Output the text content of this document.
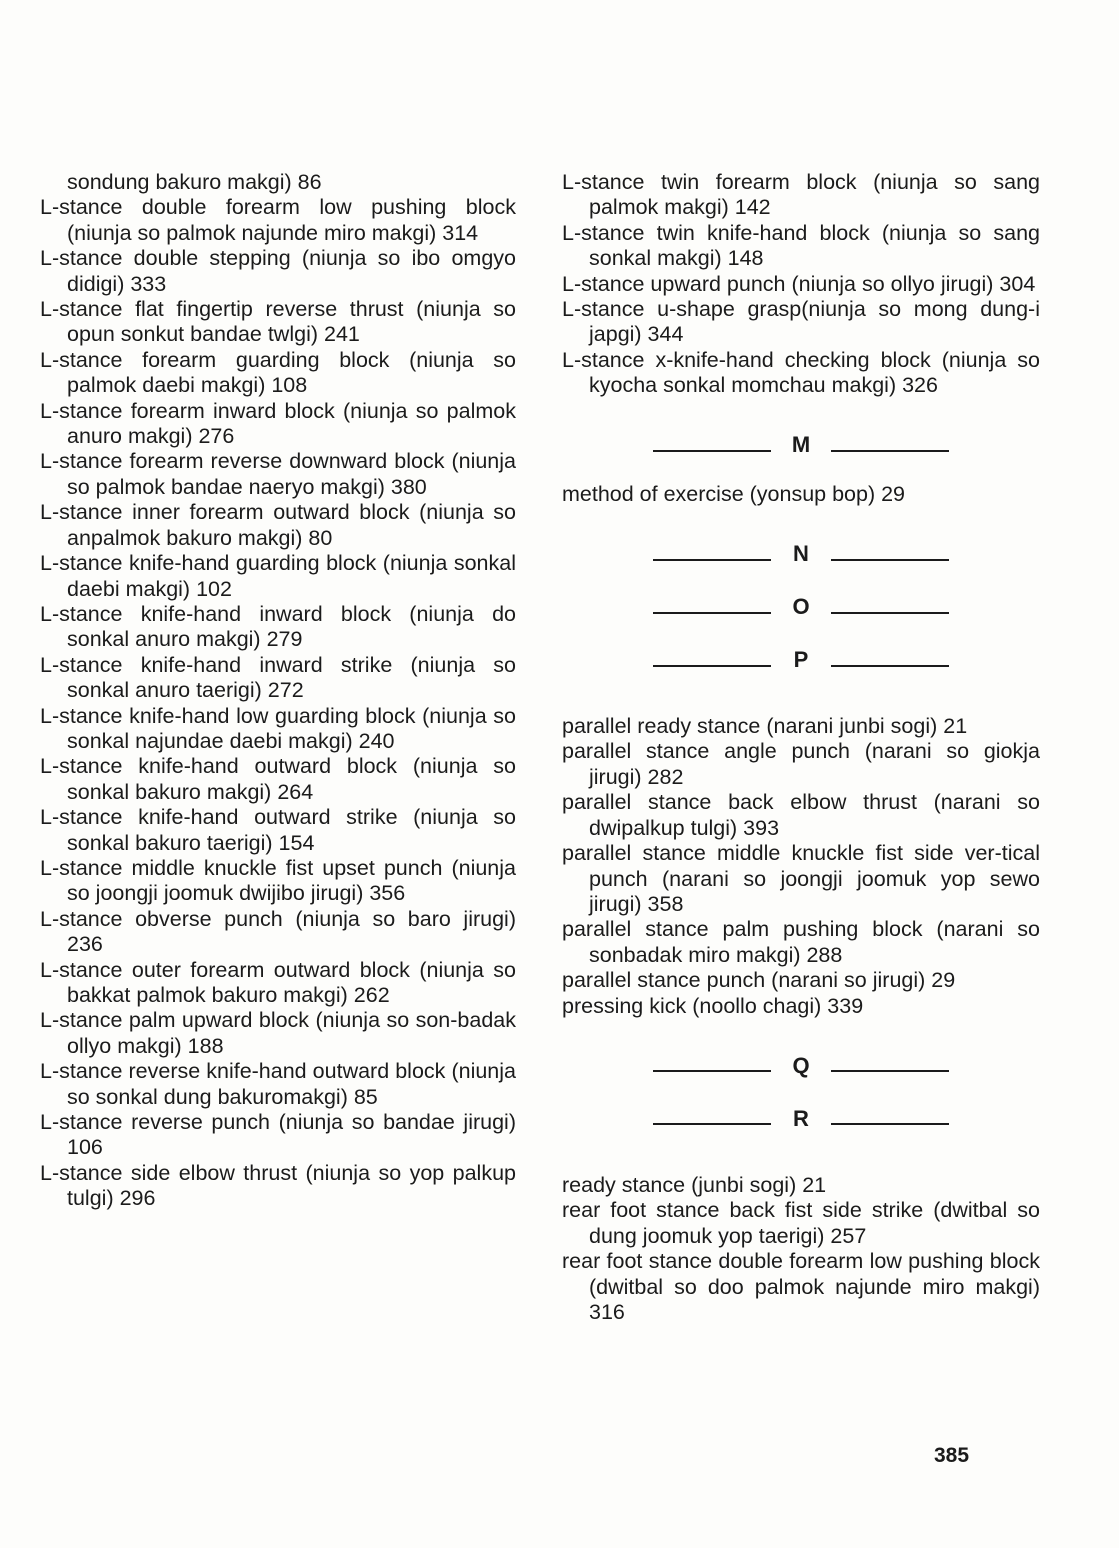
sondung bakuro makgi) 86

L-stance double forearm low pushing block (niunja so palmok najunde miro makgi) 314

L-stance double stepping (niunja so ibo omgyo didigi) 333

L-stance flat fingertip reverse thrust (niunja so opun sonkut bandae twlgi) 241

L-stance forearm guarding block (niunja so palmok daebi makgi) 108

L-stance forearm inward block (niunja so palmok anuro makgi) 276

L-stance forearm reverse downward block (niunja so palmok bandae naeryo makgi) 380

L-stance inner forearm outward block (niunja so anpalmok bakuro makgi) 80

L-stance knife-hand guarding block (niunja sonkal daebi makgi) 102

L-stance knife-hand inward block (niunja do sonkal anuro makgi) 279

L-stance knife-hand inward strike (niunja so sonkal anuro taerigi) 272

L-stance knife-hand low guarding block (niunja so sonkal najundae daebi makgi) 240

L-stance knife-hand outward block (niunja so sonkal bakuro makgi) 264

L-stance knife-hand outward strike (niunja so sonkal bakuro taerigi) 154

L-stance middle knuckle fist upset punch (niunja so joongji joomuk dwijibo jirugi) 356

L-stance obverse punch (niunja so baro jirugi) 236

L-stance outer forearm outward block (niunja so bakkat palmok bakuro makgi) 262

L-stance palm upward block (niunja so son-badak ollyo makgi) 188

L-stance reverse knife-hand outward block (niunja so sonkal dung bakuromakgi) 85

L-stance reverse punch (niunja so bandae jirugi) 106

L-stance side elbow thrust (niunja so yop palkup tulgi) 296

L-stance twin forearm block (niunja so sang palmok makgi) 142

L-stance twin knife-hand block (niunja so sang sonkal makgi) 148

L-stance upward punch (niunja so ollyo jirugi) 304

L-stance u-shape grasp(niunja so mong dung-i japgi) 344

L-stance x-knife-hand checking block (niunja so kyocha sonkal momchau makgi) 326

M

method of exercise (yonsup bop) 29

N
O
P

parallel ready stance (narani junbi sogi) 21

parallel stance angle punch (narani so giokja jirugi) 282

parallel stance back elbow thrust (narani so dwipalkup tulgi) 393

parallel stance middle knuckle fist side ver-tical punch (narani so joongji joomuk yop sewo jirugi) 358

parallel stance palm pushing block (narani so sonbadak miro makgi) 288

parallel stance punch (narani so jirugi) 29

pressing kick (noollo chagi) 339

Q
R

ready stance (junbi sogi) 21

rear foot stance back fist side strike (dwitbal so dung joomuk yop taerigi) 257

rear foot stance double forearm low pushing block (dwitbal so doo palmok najunde miro makgi) 316

385
